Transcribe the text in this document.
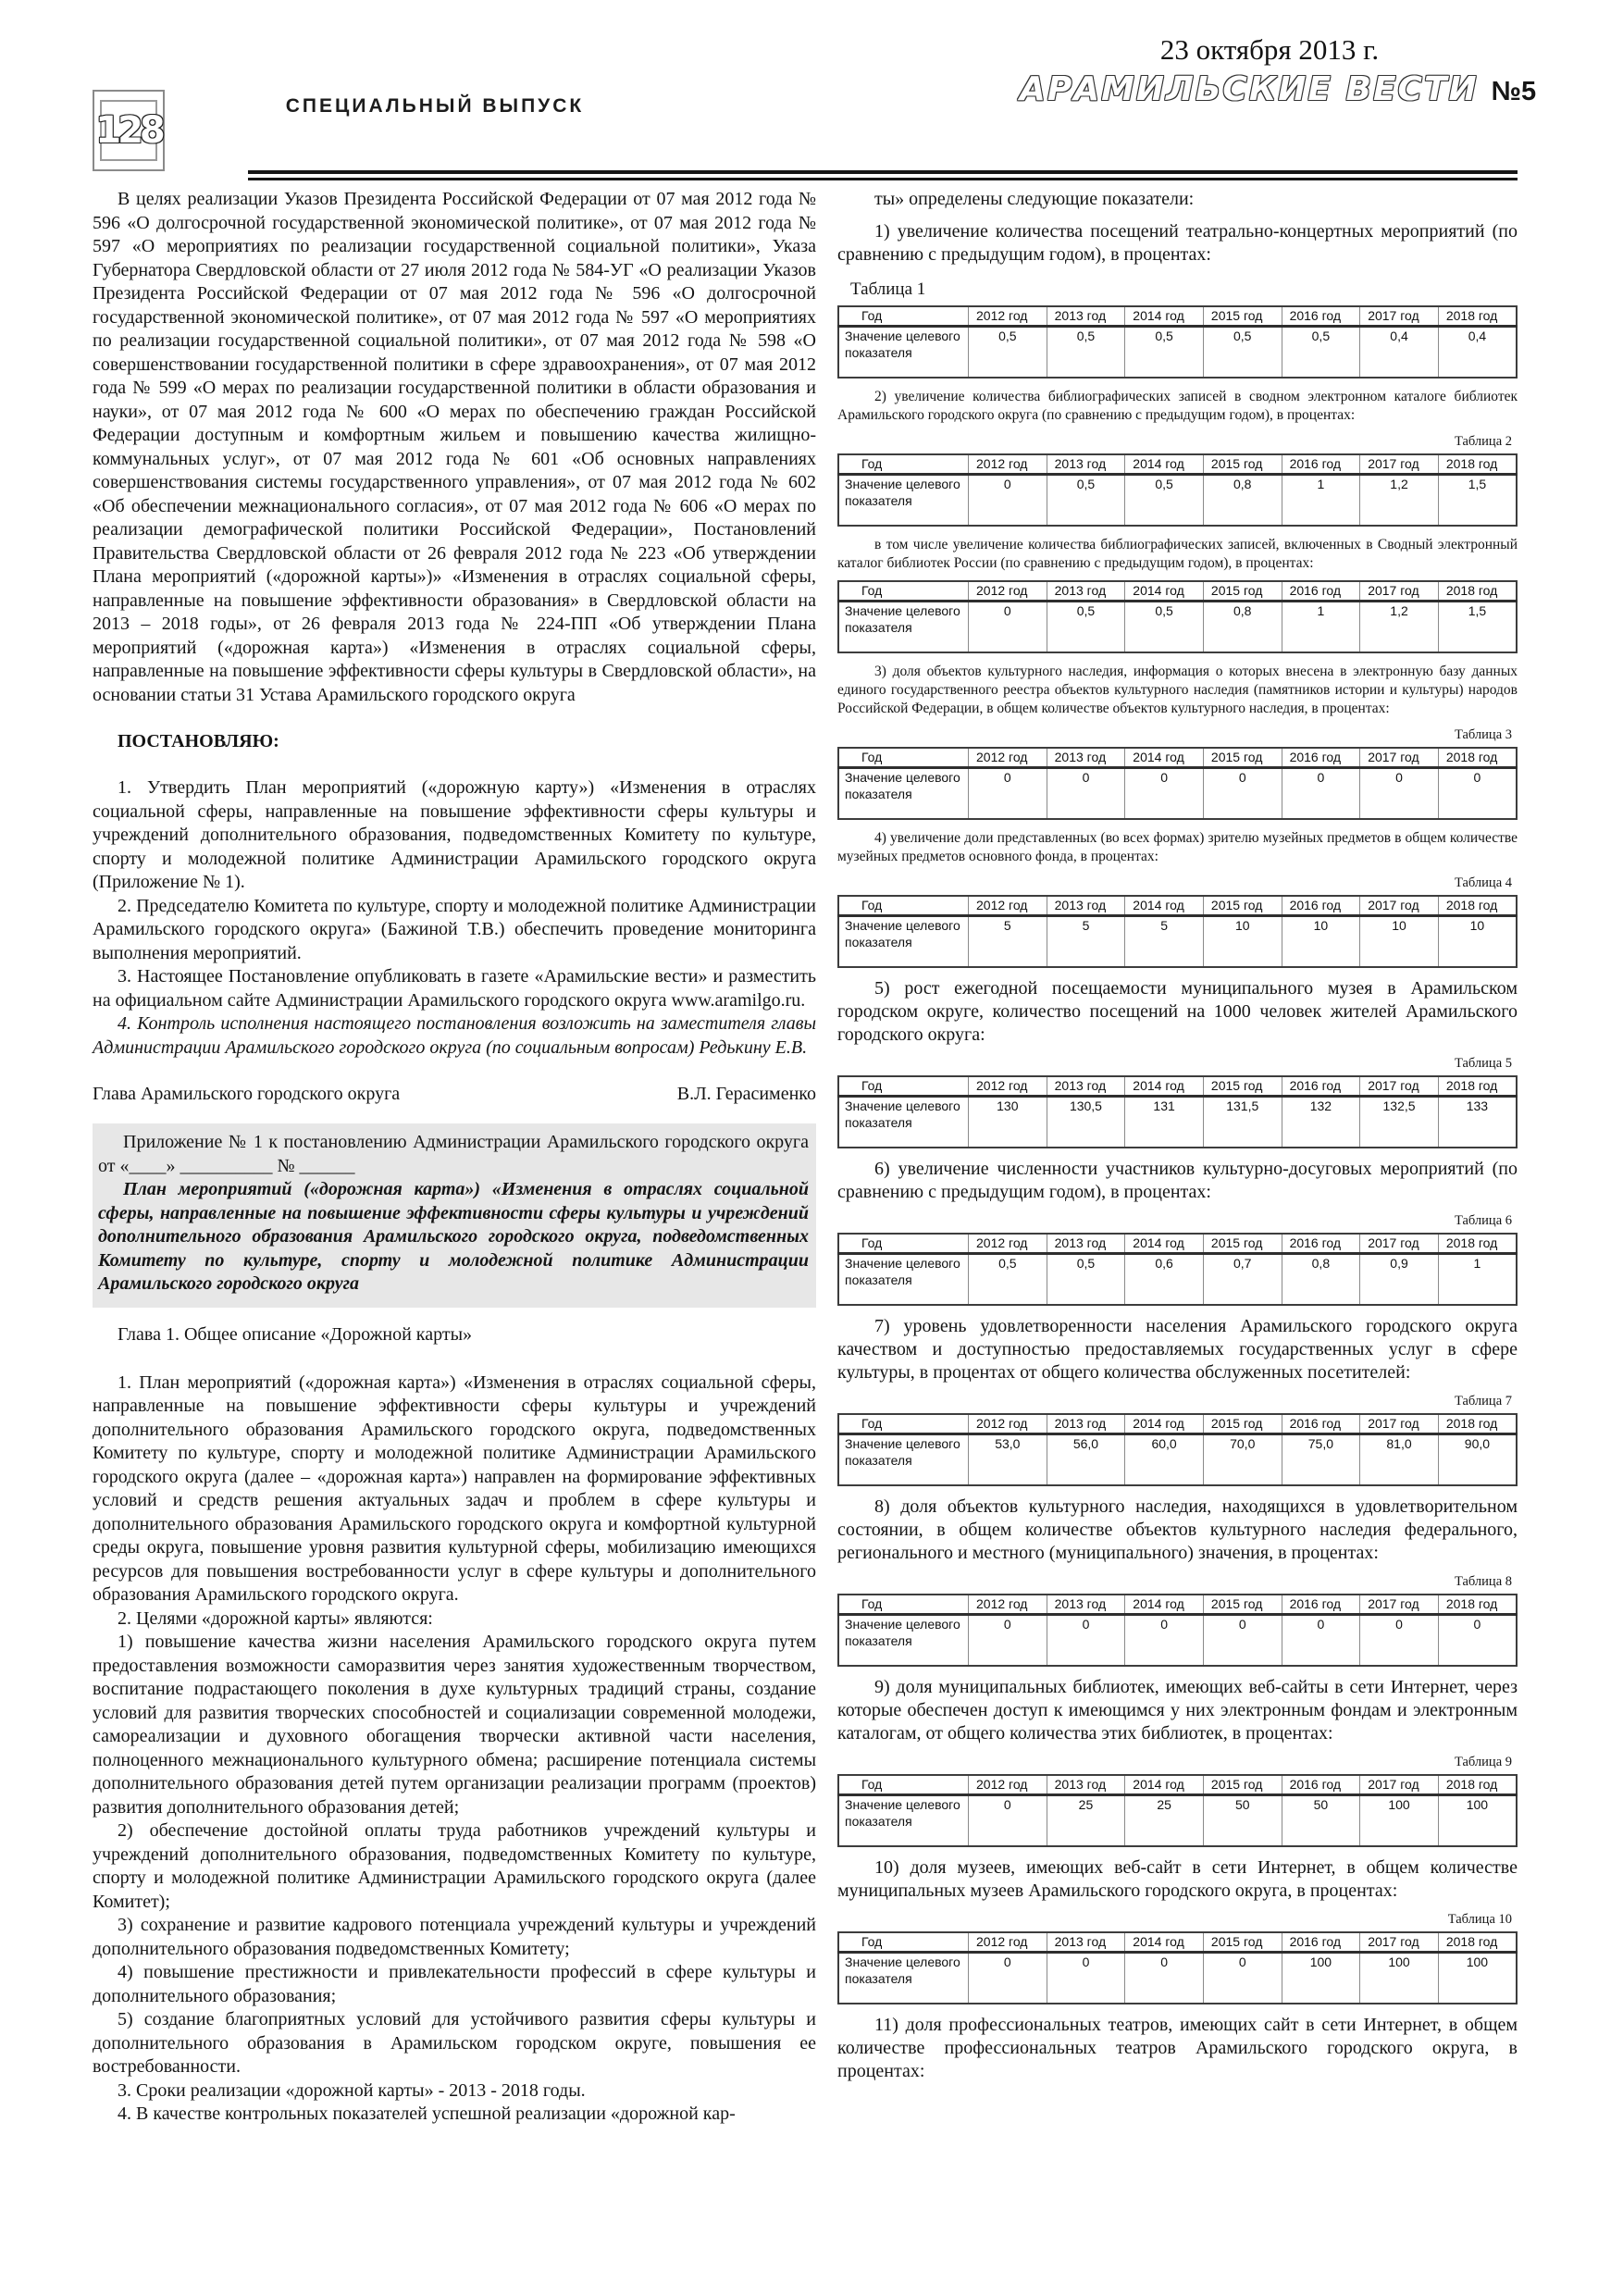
128
СПЕЦИАЛЬНЫЙ ВЫПУСК
23 октября 2013 г.
АРАМИЛЬСКИЕ ВЕСТИ №5

В целях реализации Указов Президента Российской Федерации от 07 мая 2012 года № 596 «О долгосрочной государственной экономической политике», от 07 мая 2012 года № 597 «О мероприятиях по реализации государственной социальной политики», Указа Губернатора Свердловской области от 27 июля 2012 года № 584-УГ «О реализации Указов Президента Российской Федерации от 07 мая 2012 года № 596 «О долгосрочной государственной экономической политике», от 07 мая 2012 года № 597 «О мероприятиях по реализации государственной социальной политики», от 07 мая 2012 года № 598 «О совершенствовании государственной политики в сфере здравоохранения», от 07 мая 2012 года № 599 «О мерах по реализации государственной политики в области образования и науки», от 07 мая 2012 года № 600 «О мерах по обеспечению граждан Российской Федерации доступным и комфортным жильем и повышению качества жилищно-коммунальных услуг», от 07 мая 2012 года № 601 «Об основных направлениях совершенствования системы государственного управления», от 07 мая 2012 года № 602 «Об обеспечении межнационального согласия», от 07 мая 2012 года № 606 «О мерах по реализации демографической политики Российской Федерации», Постановлений Правительства Свердловской области от 26 февраля 2012 года № 223 «Об утверждении Плана мероприятий («дорожной карты»)» «Изменения в отраслях социальной сферы, направленные на повышение эффективности образования» в Свердловской области на 2013 – 2018 годы», от 26 февраля 2013 года № 224-ПП «Об утверждении Плана мероприятий («дорожная карта») «Изменения в отраслях социальной сферы, направленные на повышение эффективности сферы культуры в Свердловской области», на основании статьи 31 Устава Арамильского городского округа

ПОСТАНОВЛЯЮ:

1. Утвердить План мероприятий («дорожную карту») «Изменения в отраслях социальной сферы, направленные на повышение эффективности сферы культуры и учреждений дополнительного образования, подведомственных Комитету по культуре, спорту и молодежной политике Администрации Арамильского городского округа (Приложение № 1).

2. Председателю Комитета по культуре, спорту и молодежной политике Администрации Арамильского городского округа» (Бажиной Т.В.) обеспечить проведение мониторинга выполнения мероприятий.

3. Настоящее Постановление опубликовать в газете «Арамильские вести» и разместить на официальном сайте Администрации Арамильского городского округа www.aramilgo.ru.

4. Контроль исполнения настоящего постановления возложить на заместителя главы Администрации Арамильского городского округа (по социальным вопросам) Редькину Е.В.

Глава Арамильского городского округа	В.Л. Герасименко

Приложение № 1 к постановлению Администрации Арамильского городского округа от «____» __________ № ______

План мероприятий («дорожная карта») «Изменения в отраслях социальной сферы, направленные на повышение эффективности сферы культуры и учреждений дополнительного образования Арамильского городского округа, подведомственных Комитету по культуре, спорту и молодежной политике Администрации Арамильского городского округа

Глава 1. Общее описание «Дорожной карты»

1. План мероприятий («дорожная карта») «Изменения в отраслях социальной сферы, направленные на повышение эффективности сферы культуры и учреждений дополнительного образования Арамильского городского округа, подведомственных Комитету по культуре, спорту и молодежной политике Администрации Арамильского городского округа (далее – «дорожная карта») направлен на формирование эффективных условий и средств решения актуальных задач и проблем в сфере культуры и дополнительного образования Арамильского городского округа и комфортной культурной среды округа, повышение уровня развития культурной сферы, мобилизацию имеющихся ресурсов для повышения востребованности услуг в сфере культуры и дополнительного образования Арамильского городского округа.

2. Целями «дорожной карты» являются:

1) повышение качества жизни населения Арамильского городского округа путем предоставления возможности саморазвития через занятия художественным творчеством, воспитание подрастающего поколения в духе культурных традиций страны, создание условий для развития творческих способностей и социализации современной молодежи, самореализации и духовного обогащения творчески активной части населения, полноценного межнационального культурного обмена; расширение потенциала системы дополнительного образования детей путем организации реализации программ (проектов) развития дополнительного образования детей;

2) обеспечение достойной оплаты труда работников учреждений культуры и учреждений дополнительного образования, подведомственных Комитету по культуре, спорту и молодежной политике Администрации Арамильского городского округа (далее Комитет);

3) сохранение и развитие кадрового потенциала учреждений культуры и учреждений дополнительного образования подведомственных Комитету;

4) повышение престижности и привлекательности профессий в сфере культуры и дополнительного образования;

5) создание благоприятных условий для устойчивого развития сферы культуры и дополнительного образования в Арамильском городском округе, повышения ее востребованности.

3. Сроки реализации «дорожной карты» - 2013 - 2018 годы.

4. В качестве контрольных показателей успешной реализации «дорожной кар-

ты» определены следующие показатели:

1) увеличение количества посещений театрально-концертных мероприятий (по сравнению с предыдущим годом), в процентах:

Таблица 1
Год	2012 год	2013 год	2014 год	2015 год	2016 год	2017 год	2018 год
Значение целевого показателя	0,5	0,5	0,5	0,5	0,5	0,4	0,4

2) увеличение количества библиографических записей в сводном электронном каталоге библиотек Арамильского городского округа (по сравнению с предыдущим годом), в процентах:

Таблица 2
Год	2012 год	2013 год	2014 год	2015 год	2016 год	2017 год	2018 год
Значение целевого показателя	0	0,5	0,5	0,8	1	1,2	1,5

в том числе увеличение количества библиографических записей, включенных в Сводный электронный каталог библиотек России (по сравнению с предыдущим годом), в процентах:

Год	2012 год	2013 год	2014 год	2015 год	2016 год	2017 год	2018 год
Значение целевого показателя	0	0,5	0,5	0,8	1	1,2	1,5

3) доля объектов культурного наследия, информация о которых внесена в электронную базу данных единого государственного реестра объектов культурного наследия (памятников истории и культуры) народов Российской Федерации, в общем количестве объектов культурного наследия, в процентах:

Таблица 3
Год	2012 год	2013 год	2014 год	2015 год	2016 год	2017 год	2018 год
Значение целевого показателя	0	0	0	0	0	0	0

4) увеличение доли представленных (во всех формах) зрителю музейных предметов в общем количестве музейных предметов основного фонда, в процентах:

Таблица 4
Год	2012 год	2013 год	2014 год	2015 год	2016 год	2017 год	2018 год
Значение целевого показателя	5	5	5	10	10	10	10

5) рост ежегодной посещаемости муниципального музея в Арамильском городском округе, количество посещений на 1000 человек жителей Арамильского городского округа:

Таблица 5
Год	2012 год	2013 год	2014 год	2015 год	2016 год	2017 год	2018 год
Значение целевого показателя	130	130,5	131	131,5	132	132,5	133

6) увеличение численности участников культурно-досуговых мероприятий (по сравнению с предыдущим годом), в процентах:

Таблица 6
Год	2012 год	2013 год	2014 год	2015 год	2016 год	2017 год	2018 год
Значение целевого показателя	0,5	0,5	0,6	0,7	0,8	0,9	1

7) уровень удовлетворенности населения Арамильского городского округа качеством и доступностью предоставляемых государственных услуг в сфере культуры, в процентах от общего количества обслуженных посетителей:

Таблица 7
Год	2012 год	2013 год	2014 год	2015 год	2016 год	2017 год	2018 год
Значение целевого показателя	53,0	56,0	60,0	70,0	75,0	81,0	90,0

8) доля объектов культурного наследия, находящихся в удовлетворительном состоянии, в общем количестве объектов культурного наследия федерального, регионального и местного (муниципального) значения, в процентах:

Таблица 8
Год	2012 год	2013 год	2014 год	2015 год	2016 год	2017 год	2018 год
Значение целевого показателя	0	0	0	0	0	0	0

9) доля муниципальных библиотек, имеющих веб-сайты в сети Интернет, через которые обеспечен доступ к имеющимся у них электронным фондам и электронным каталогам, от общего количества этих библиотек, в процентах:

Таблица 9
Год	2012 год	2013 год	2014 год	2015 год	2016 год	2017 год	2018 год
Значение целевого показателя	0	25	25	50	50	100	100

10) доля музеев, имеющих веб-сайт в сети Интернет, в общем количестве муниципальных музеев Арамильского городского округа, в процентах:

Таблица 10
Год	2012 год	2013 год	2014 год	2015 год	2016 год	2017 год	2018 год
Значение целевого показателя	0	0	0	0	100	100	100

11) доля профессиональных театров, имеющих сайт в сети Интернет, в общем количестве профессиональных театров Арамильского городского округа, в процентах:
